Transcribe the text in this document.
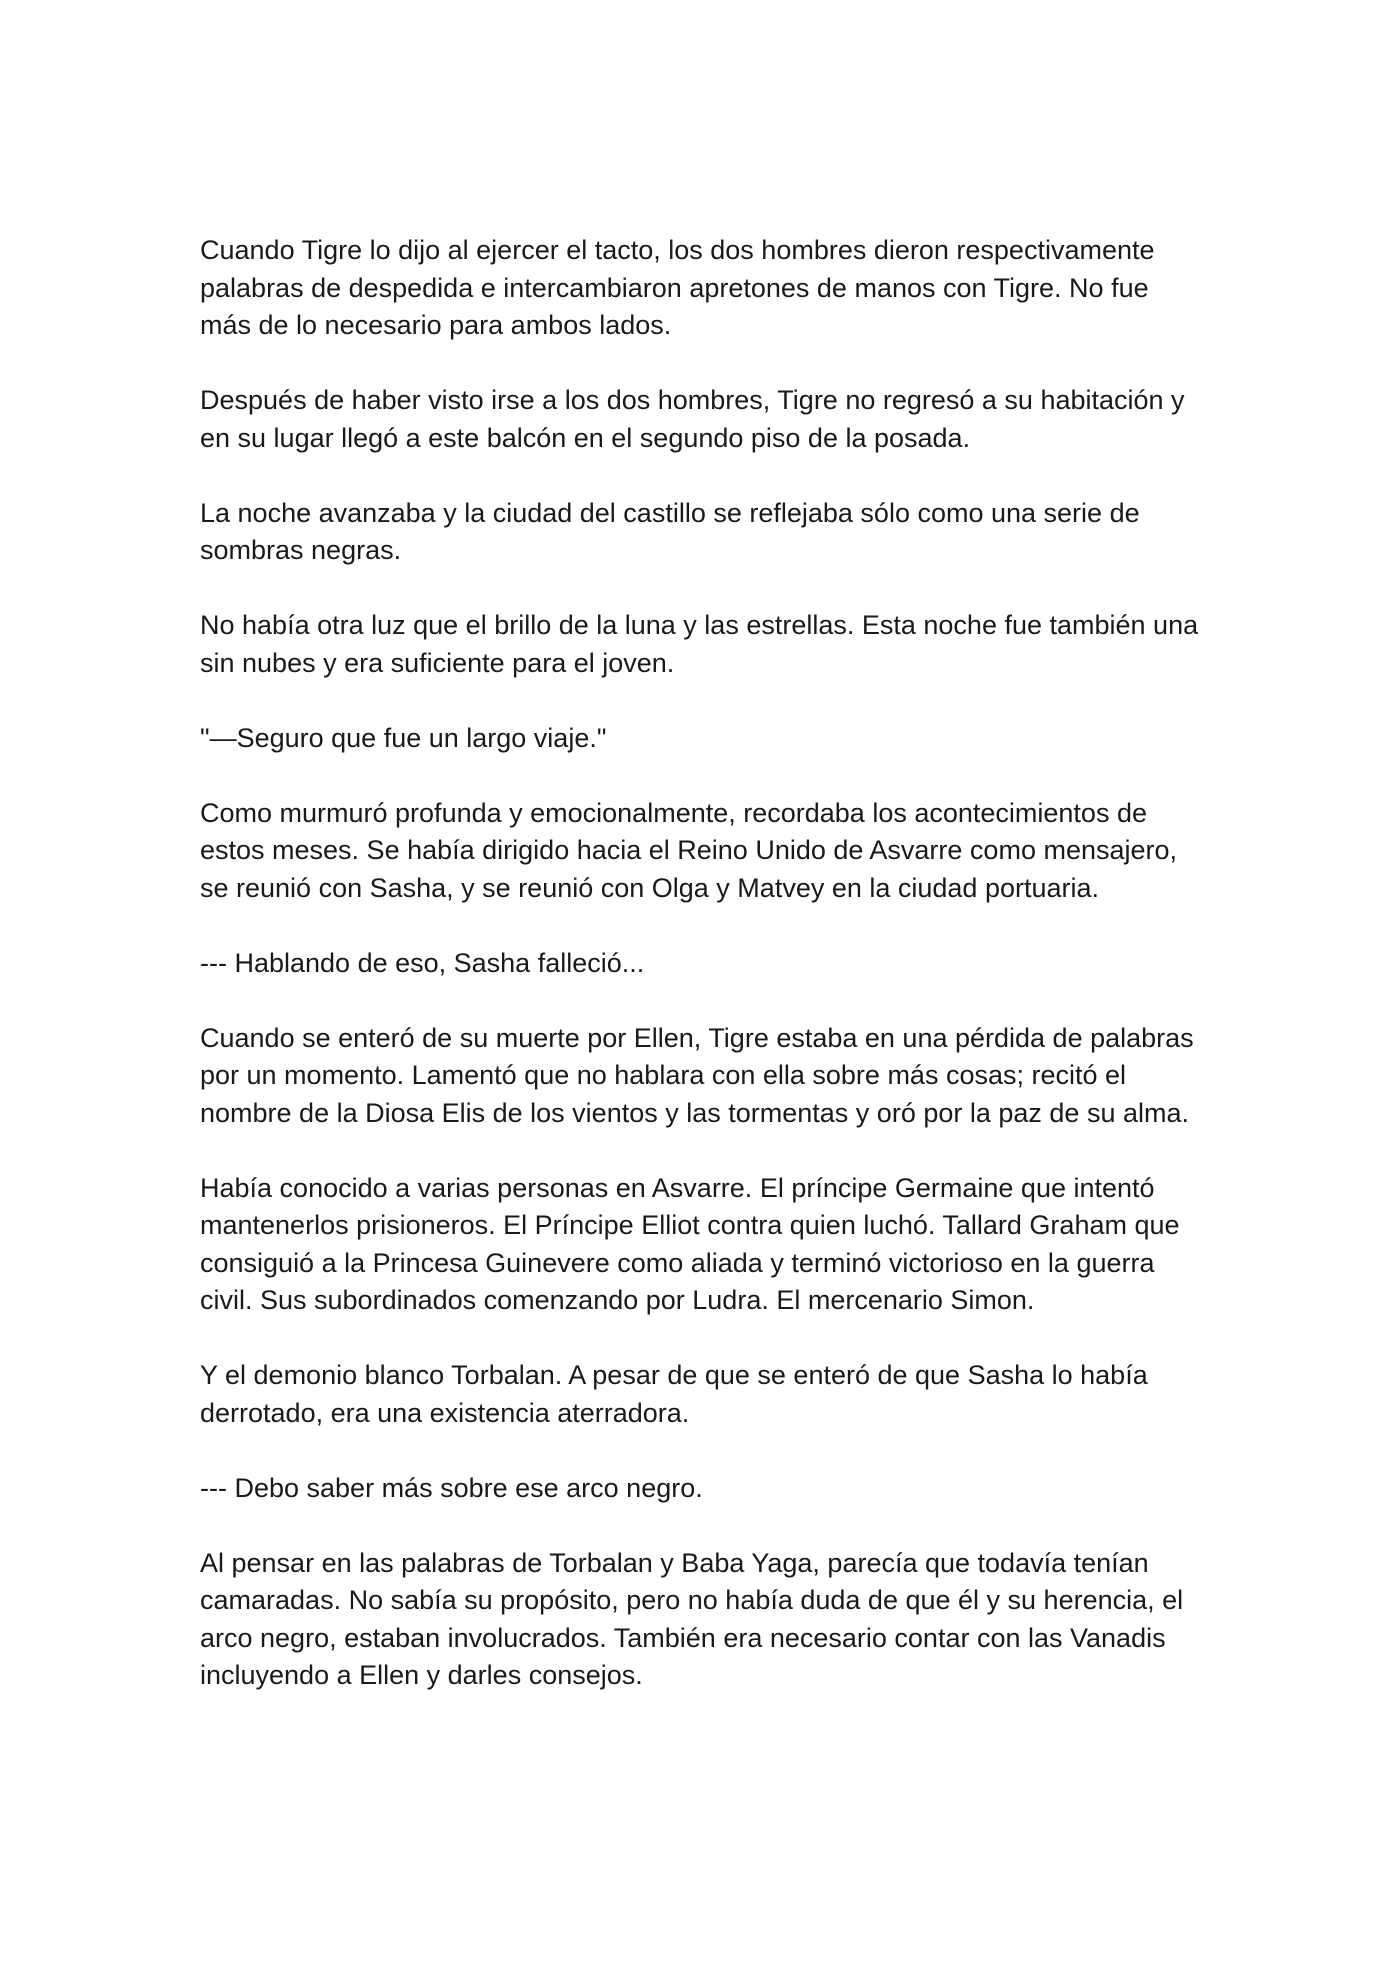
Cuando Tigre lo dijo al ejercer el tacto, los dos hombres dieron respectivamente palabras de despedida e intercambiaron apretones de manos con Tigre. No fue más de lo necesario para ambos lados.

Después de haber visto irse a los dos hombres, Tigre no regresó a su habitación y en su lugar llegó a este balcón en el segundo piso de la posada.

La noche avanzaba y la ciudad del castillo se reflejaba sólo como una serie de sombras negras.

No había otra luz que el brillo de la luna y las estrellas. Esta noche fue también una sin nubes y era suficiente para el joven.

"—Seguro que fue un largo viaje."

Como murmuró profunda y emocionalmente, recordaba los acontecimientos de estos meses. Se había dirigido hacia el Reino Unido de Asvarre como mensajero, se reunió con Sasha, y se reunió con Olga y Matvey en la ciudad portuaria.

--- Hablando de eso, Sasha falleció...

Cuando se enteró de su muerte por Ellen, Tigre estaba en una pérdida de palabras por un momento. Lamentó que no hablara con ella sobre más cosas; recitó el nombre de la Diosa Elis de los vientos y las tormentas y oró por la paz de su alma.

Había conocido a varias personas en Asvarre. El príncipe Germaine que intentó mantenerlos prisioneros. El Príncipe Elliot contra quien luchó. Tallard Graham que consiguió a la Princesa Guinevere como aliada y terminó victorioso en la guerra civil. Sus subordinados comenzando por Ludra. El mercenario Simon.

Y el demonio blanco Torbalan. A pesar de que se enteró de que Sasha lo había derrotado, era una existencia aterradora.

--- Debo saber más sobre ese arco negro.

Al pensar en las palabras de Torbalan y Baba Yaga, parecía que todavía tenían camaradas. No sabía su propósito, pero no había duda de que él y su herencia, el arco negro, estaban involucrados. También era necesario contar con las Vanadis incluyendo a Ellen y darles consejos.
